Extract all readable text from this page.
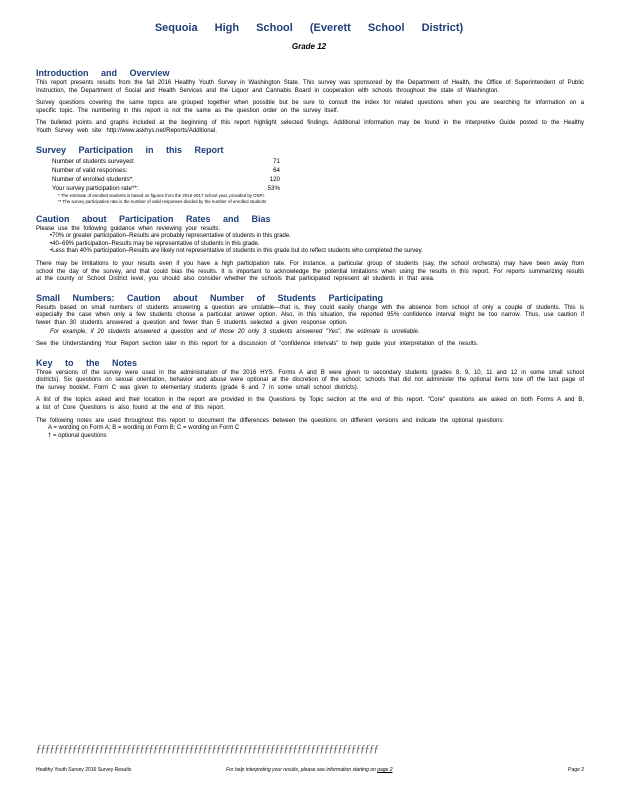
Sequoia High School (Everett School District)
Grade 12
Introduction and Overview

This report presents results from the fall 2016 Healthy Youth Survey in Washington State. This survey was sponsored by the Department of Health, the Office of Superintendent of Public Instruction, the Department of Social and Health Services and the Liquor and Cannabis Board in cooperation with schools throughout the state of Washington.

Survey questions covering the same topics are grouped together when possible but be sure to consult the index for related questions when you are searching for information on a specific topic. The numbering in this report is not the same as the question order on the survey itself.

The bulleted points and graphs included at the beginning of this report highlight selected findings. Additional information may be found in the Interpretive Guide posted to the Healthy Youth Survey web site: http://www.askhys.net/Reports/Additional.

Survey Participation in this Report
Number of students surveyed:	71
Number of valid responses:	64
Number of enrolled students*:	120
Your survey participation rate**:	53%
* The estimate of enrolled students is based on figures from the 2016-2017 school year, provided by OSPI.
** The survey participation rate is the number of valid responses divided by the number of enrolled students
Caution about Participation Rates and Bias

Please use the following guidance when reviewing your results:

•70% or greater participation–Results are probably representative of students in this grade.
•40–69% participation–Results may be representative of students in this grade.
•Less than 40% participation–Results are likely not representative of students in this grade but do reflect students who completed the survey.

There may be limitations to your results even if you have a high participation rate. For instance, a particular group of students (say, the school orchestra) may have been away from school the day of the survey, and that could bias the results. It is important to acknowledge the potential limitations when using the results in this report. For reports summarizing results at the county or School District level, you should also consider whether the schools that participated represent all students in that area.

Small Numbers: Caution about Number of Students Participating

Results based on small numbers of students answering a question are unstable—that is, they could easily change with the absence from school of only a couple of students. This is especially the case when only a few students choose a particular answer option. Also, in this situation, the reported 95% confidence interval might be too narrow. Thus, use caution if fewer than 30 students answered a question and fewer than 5 students selected a given response option.

For example, if 20 students answered a question and of those 20 only 3 students answered "Yes", the estimate is unreliable.

See the Understanding Your Report section later in this report for a discussion of "confidence intervals" to help guide your interpretation of the results.

Key to the Notes

Three versions of the survey were used in the administration of the 2016 HYS. Forms A and B were given to secondary students (grades 8, 9, 10, 11 and 12 in some small school districts). Six questions on sexual orientation, behavior and abuse were optional at the discretion of the school; schools that did not administer the optional items tore off the last page of the survey booklet. Form C was given to elementary students (grade 6 and 7 in some small school districts).

A list of the topics asked and their location in the report are provided in the Questions by Topic section at the end of this report. "Core" questions are asked on both Forms A and B, a list of Core Questions is also found at the end of this report.

The following notes are used throughout this report to document the differences between the questions on different versions and indicate the optional questions:

A = wording on Form A; B = wording on Form B; C = wording on Form C
† = optional questions
ƒƒƒƒƒƒƒƒƒƒƒƒƒƒƒƒƒƒƒƒƒƒƒƒƒƒƒƒƒƒƒƒƒƒƒƒƒƒƒƒƒƒƒƒƒƒƒƒƒƒƒƒƒƒƒƒƒƒƒƒƒƒƒƒƒƒƒƒƒƒƒƒƒƒƒƒ
Healthy Youth Survey 2016 Survey Results	For help interpreting your results, please see information starting on page 2	Page 2
